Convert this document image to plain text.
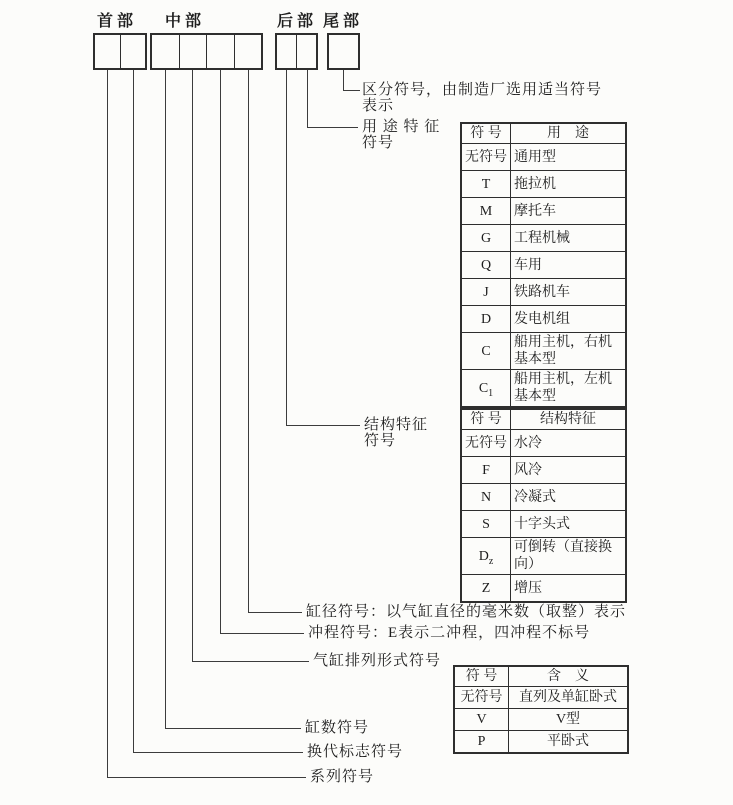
首部 中部	后部 尾部
区分符号，由制造厂选用适当符号
表示
用 途 特 征
符号
结构特征
符号
缸径符号：以气缸直径的毫米数（取整）表示
冲程符号：E表示二冲程，四冲程不标号
气缸排列形式符号
缸数符号
换代标志符号
系列符号
符 号	用　途
无符号	通用型
T	拖拉机
M	摩托车
G	工程机械
Q	车用
J	铁路机车
D	发电机组
C	船用主机，右机基本型
$C_1$	船用主机，左机基本型
符 号	结构特征
无符号	水冷
F	风冷
N	冷凝式
S	十字头式
$D_z$	可倒转（直接换向）
Z	增压
符 号	含　义
无符号	直列及单缸卧式
V	V型
P	平卧式
